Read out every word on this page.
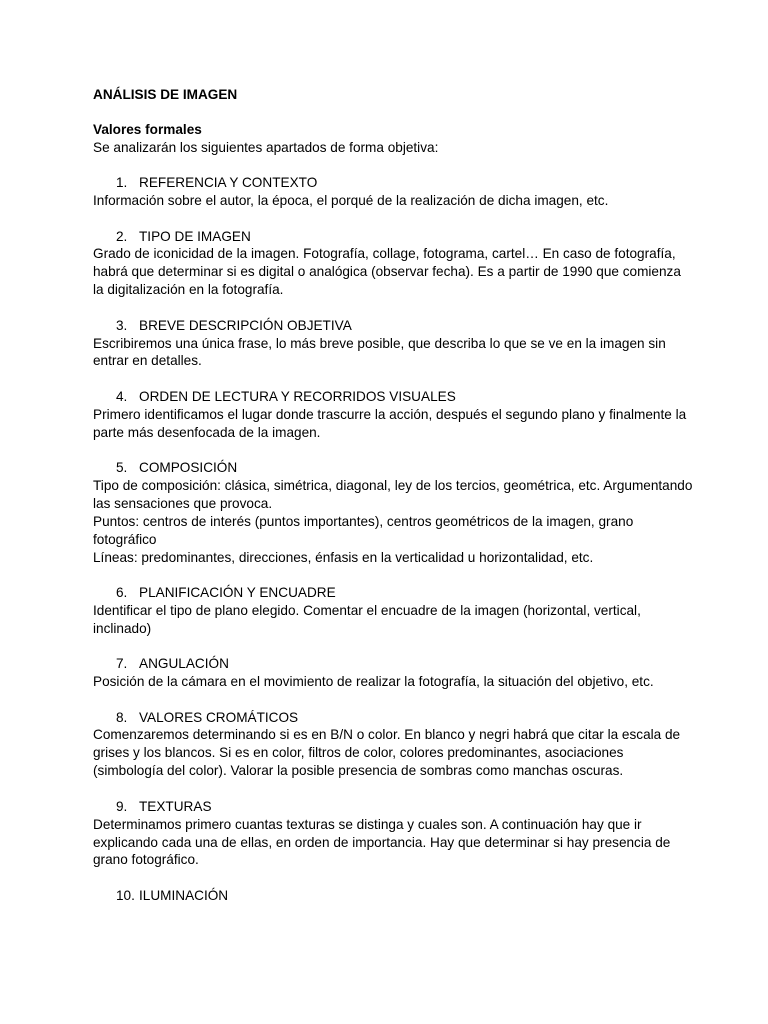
ANÁLISIS DE IMAGEN
Valores formales
Se analizarán los siguientes apartados de forma objetiva:
1. REFERENCIA Y CONTEXTO
Información sobre el autor, la época, el porqué de la realización de dicha imagen, etc.
2. TIPO DE IMAGEN
Grado de iconicidad de la imagen. Fotografía, collage, fotograma, cartel… En caso de fotografía, habrá que determinar si es digital o analógica (observar fecha). Es a partir de 1990 que comienza la digitalización en la fotografía.
3. BREVE DESCRIPCIÓN OBJETIVA
Escribiremos una única frase, lo más breve posible, que describa lo que se ve en la imagen sin entrar en detalles.
4. ORDEN DE LECTURA Y RECORRIDOS VISUALES
Primero identificamos el lugar donde trascurre la acción, después el segundo plano y finalmente la parte más desenfocada de la imagen.
5. COMPOSICIÓN
Tipo de composición: clásica, simétrica, diagonal, ley de los tercios, geométrica, etc. Argumentando las sensaciones que provoca.
Puntos: centros de interés (puntos importantes), centros geométricos de la imagen, grano fotográfico
Líneas: predominantes, direcciones, énfasis en la verticalidad u horizontalidad, etc.
6. PLANIFICACIÓN Y ENCUADRE
Identificar el tipo de plano elegido. Comentar el encuadre de la imagen (horizontal, vertical, inclinado)
7. ANGULACIÓN
Posición de la cámara en el movimiento de realizar la fotografía, la situación del objetivo, etc.
8. VALORES CROMÁTICOS
Comenzaremos determinando si es en B/N o color. En blanco y negri habrá que citar la escala de grises y los blancos. Si es en color, filtros de color, colores predominantes, asociaciones (simbología del color). Valorar la posible presencia de sombras como manchas oscuras.
9. TEXTURAS
Determinamos primero cuantas texturas se distinga y cuales son. A continuación hay que ir explicando cada una de ellas, en orden de importancia. Hay que determinar si hay presencia de grano fotográfico.
10. ILUMINACIÓN
